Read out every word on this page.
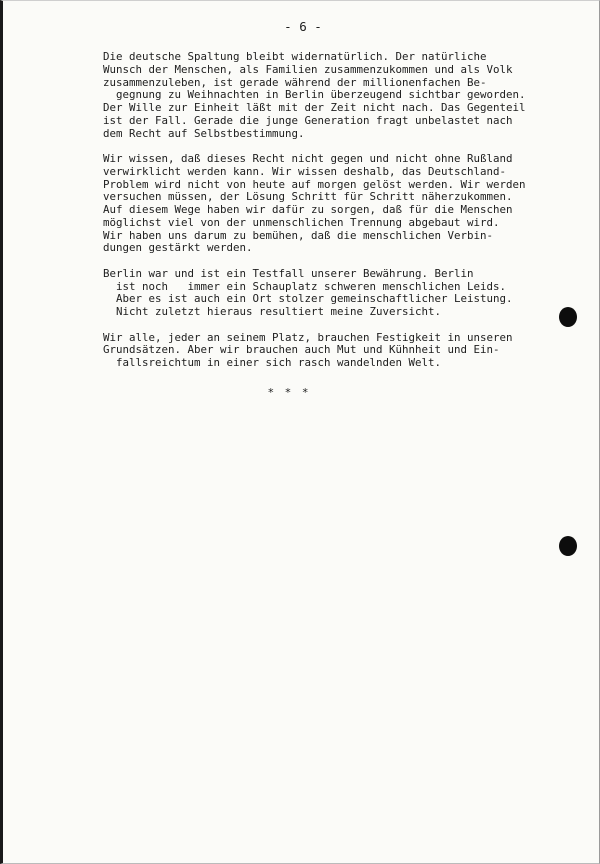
- 6 -

Die deutsche Spaltung bleibt widernatürlich. Der natürliche
Wunsch der Menschen, als Familien zusammenzukommen und als Volk
zusammenzuleben, ist gerade während der millionenfachen Be-
gegnung zu Weihnachten in Berlin überzeugend sichtbar geworden.
Der Wille zur Einheit läßt mit der Zeit nicht nach. Das Gegenteil
ist der Fall. Gerade die junge Generation fragt unbelastet nach
dem Recht auf Selbstbestimmung.

Wir wissen, daß dieses Recht nicht gegen und nicht ohne Rußland
verwirklicht werden kann. Wir wissen deshalb, das Deutschland-
Problem wird nicht von heute auf morgen gelöst werden. Wir werden
versuchen müssen, der Lösung Schritt für Schritt näherzukommen.
Auf diesem Wege haben wir dafür zu sorgen, daß für die Menschen
möglichst viel von der unmenschlichen Trennung abgebaut wird.
Wir haben uns darum zu bemühen, daß die menschlichen Verbin-
dungen gestärkt werden.

Berlin war und ist ein Testfall unserer Bewährung. Berlin
ist noch   immer ein Schauplatz schweren menschlichen Leids.
Aber es ist auch ein Ort stolzer gemeinschaftlicher Leistung.
Nicht zuletzt hieraus resultiert meine Zuversicht.

Wir alle, jeder an seinem Platz, brauchen Festigkeit in unseren
Grundsätzen. Aber wir brauchen auch Mut und Kühnheit und Ein-
fallsreichtum in einer sich rasch wandelnden Welt.

* * *
